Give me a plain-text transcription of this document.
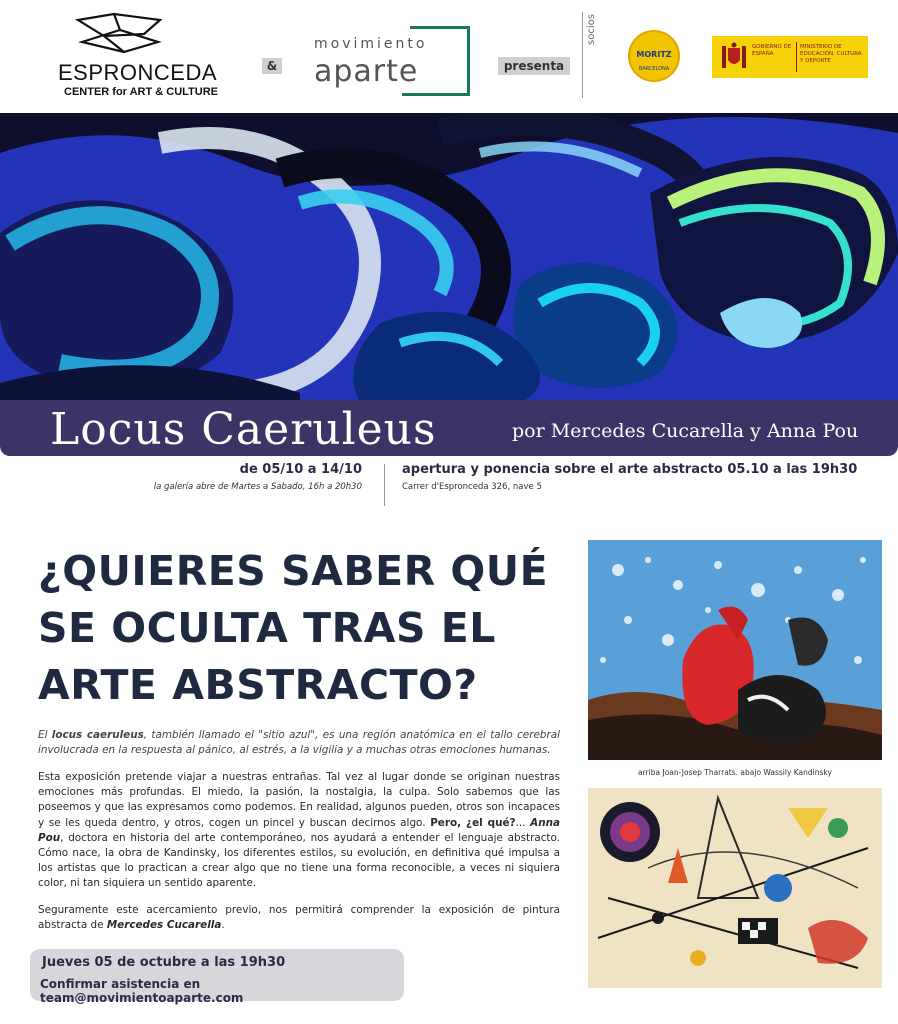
ESPRONCEDA
CENTER for ART & CULTURE
&
movimiento
aparte	presenta
socios
MORITZ
BARCELONA
GOBIERNO DE ESPAÑA
MINISTERIO DE EDUCACIÓN, CULTURA Y DEPORTE
Locus Caeruleus	por Mercedes Cucarella y Anna Pou
de 05/10 a 14/10
la galería abre de Martes a Sabado, 16h a 20h30
apertura y ponencia sobre el arte abstracto 05.10 a las 19h30
Carrer d'Espronceda 326, nave 5
¿QUIERES SABER QUÉ SE OCULTA TRAS EL ARTE ABSTRACTO?

El locus caeruleus, también llamado el "sitio azul", es una región anatómica en el tallo cerebral involucrada en la respuesta al pánico, al estrés, a la vigilia y a muchas otras emociones humanas.

Esta exposición pretende viajar a nuestras entrañas. Tal vez al lugar donde se originan nuestras emociones más profundas. El miedo, la pasión, la nostalgia, la culpa. Solo sabemos que las poseemos y que las expresamos como podemos. En realidad, algunos pueden, otros son incapaces y se les queda dentro, y otros, cogen un pincel y buscan decirnos algo. Pero, ¿el qué?... Anna Pou, doctora en historia del arte contemporáneo, nos ayudará a entender el lenguaje abstracto. Cómo nace, la obra de Kandinsky, los diferentes estilos, su evolución, en definitiva qué impulsa a los artistas que lo practican a crear algo que no tiene una forma reconocible, a veces ni siquiera color, ni tan siquiera un sentido aparente.

Seguramente este acercamiento previo, nos permitirá comprender la exposición de pintura abstracta de Mercedes Cucarella.

Jueves 05 de octubre a las 19h30
Confirmar asistencia en team@movimientoaparte.com
arriba Joan-Josep Tharrats. abajo Wassily Kandinsky
